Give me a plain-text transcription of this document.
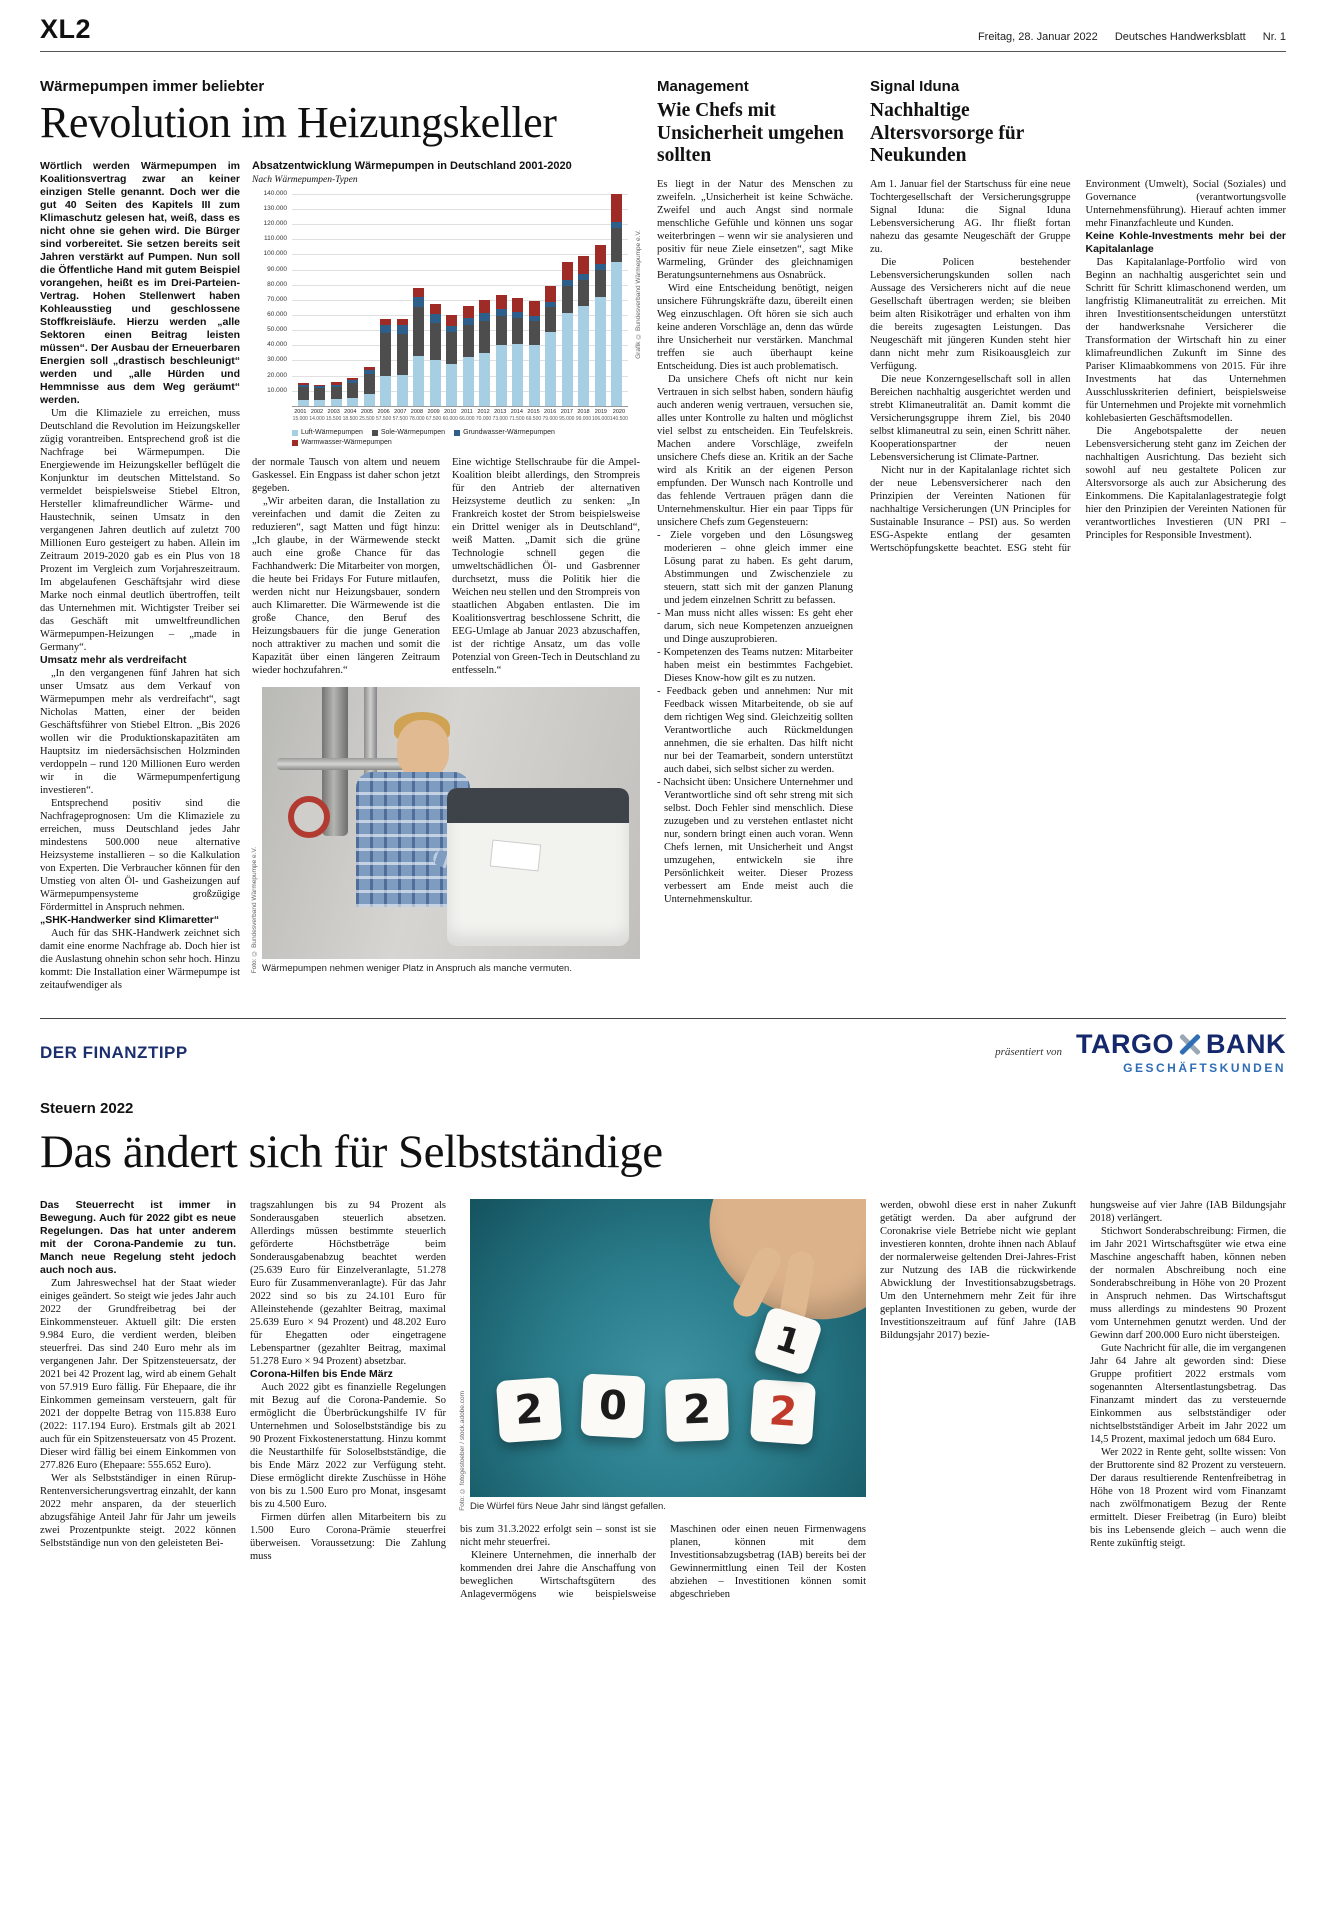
XL2	Freitag, 28. Januar 2022 Deutsches Handwerksblatt Nr. 1

Wärmepumpen immer beliebter

Revolution im Heizungskeller

Wörtlich werden Wärmepumpen im Koalitionsvertrag zwar an keiner einzigen Stelle genannt. Doch wer die gut 40 Seiten des Kapitels III zum Klimaschutz gelesen hat, weiß, dass es nicht ohne sie gehen wird. Die Bürger sind vorbereitet. Sie setzen bereits seit Jahren verstärkt auf Pumpen. Nun soll die Öffentliche Hand mit gutem Beispiel vorangehen, heißt es im Drei-Parteien-Vertrag. Hohen Stellenwert haben Kohleausstieg und geschlossene Stoffkreisläufe. Hierzu werden „alle Sektoren einen Beitrag leisten müssen“. Der Ausbau der Erneuerbaren Energien soll „drastisch beschleunigt“ werden und „alle Hürden und Hemmnisse aus dem Weg geräumt“ werden.

Um die Klimaziele zu erreichen, muss Deutschland die Revolution im Heizungskeller zügig vorantreiben. Entsprechend groß ist die Nachfrage bei Wärmepumpen. Die Energiewende im Heizungskeller beflügelt die Konjunktur im deutschen Mittelstand. So vermeldet beispielsweise Stiebel Eltron, Hersteller klimafreundlicher Wärme- und Haustechnik, seinen Umsatz in den vergangenen Jahren deutlich auf zuletzt 700 Millionen Euro gesteigert zu haben. Allein im Zeitraum 2019-2020 gab es ein Plus von 18 Prozent im Vergleich zum Vorjahreszeitraum. Im abgelaufenen Geschäftsjahr wird diese Marke noch einmal deutlich übertroffen, teilt das Unternehmen mit. Wichtigster Treiber sei das Geschäft mit umweltfreundlichen Wärmepumpen-Heizungen – „made in Germany“.

Umsatz mehr als verdreifacht

„In den vergangenen fünf Jahren hat sich unser Umsatz aus dem Verkauf von Wärmepumpen mehr als verdreifacht“, sagt Nicholas Matten, einer der beiden Geschäftsführer von Stiebel Eltron. „Bis 2026 wollen wir die Produktionskapazitäten am Hauptsitz im niedersächsischen Holzminden verdoppeln – rund 120 Millionen Euro werden wir in die Wärmepumpenfertigung investieren“.

Entsprechend positiv sind die Nachfrageprognosen: Um die Klimaziele zu erreichen, muss Deutschland jedes Jahr mindestens 500.000 neue alternative Heizsysteme installieren – so die Kalkulation von Experten. Die Verbraucher können für den Umstieg von alten Öl- und Gasheizungen auf Wärmepumpensysteme großzügige Fördermittel in Anspruch nehmen.

„SHK-Handwerker sind Klimaretter“

Auch für das SHK-Handwerk zeichnet sich damit eine enorme Nachfrage ab. Doch hier ist die Auslastung ohnehin schon sehr hoch. Hinzu kommt: Die Installation einer Wärmepumpe ist zeitaufwendiger als

Absatzentwicklung Wärmepumpen in Deutschland 2001-2020
Nach Wärmepumpen-Typen
10.000
20.000
30.000
40.000
50.000
60.000
70.000
80.000
90.000
100.000
110.000
120.000
130.000
140.000
2001
15.000
2002
14.000
2003
15.500
2004
18.500
2005
25.500
2006
57.500
2007
57.500
2008
78.000
2009
67.500
2010
60.000
2011
66.000
2012
70.000
2013
73.000
2014
71.500
2015
69.500
2016
79.000
2017
95.000
2018
99.000
2019
106.000
2020
140.500
Luft-Wärmepumpen	Sole-Wärmepumpen	Grundwasser-Wärmepumpen
Warmwasser-Wärmepumpen
Grafik © Bundesverband Wärmepumpe e.V.

der normale Tausch von altem und neuem Gaskessel. Ein Engpass ist daher schon jetzt gegeben.

„Wir arbeiten daran, die Installation zu vereinfachen und damit die Zeiten zu reduzieren“, sagt Matten und fügt hinzu: „Ich glaube, in der Wärmewende steckt auch eine große Chance für das Fachhandwerk: Die Mitarbeiter von morgen, die heute bei Fridays For Future mitlaufen, werden nicht nur Heizungsbauer, sondern auch Klimaretter. Die Wärmewende ist die große Chance, den Beruf des Heizungsbauers für die junge Generation noch attraktiver zu machen und somit die Kapazität über einen längeren Zeitraum wieder hochzufahren.“

Eine wichtige Stellschraube für die Ampel-Koalition bleibt allerdings, den Strompreis für den Antrieb der alternativen Heizsysteme deutlich zu senken: „In Frankreich kostet der Strom beispielsweise ein Drittel weniger als in Deutschland“, weiß Matten. „Damit sich die grüne Technologie schnell gegen die umweltschädlichen Öl- und Gasbrenner durchsetzt, muss die Politik hier die Weichen neu stellen und den Strompreis von staatlichen Abgaben entlasten. Die im Koalitionsvertrag beschlossene Schritt, die EEG-Umlage ab Januar 2023 abzuschaffen, ist der richtige Ansatz, um das volle Potenzial von Green-Tech in Deutschland zu entfesseln.“

Foto: © Bundesverband Wärmepumpe e.V. Wärmepumpen nehmen weniger Platz in Anspruch als manche vermuten.

Management

Wie Chefs mit Unsicherheit umgehen sollten

Es liegt in der Natur des Menschen zu zweifeln. „Unsicherheit ist keine Schwäche. Zweifel und auch Angst sind normale menschliche Gefühle und können uns sogar weiterbringen – wenn wir sie analysieren und positiv für neue Ziele einsetzen“, sagt Mike Warmeling, Gründer des gleichnamigen Beratungsunternehmens aus Osnabrück.

Wird eine Entscheidung benötigt, neigen unsichere Führungskräfte dazu, übereilt einen Weg einzuschlagen. Oft hören sie sich auch keine anderen Vorschläge an, denn das würde ihre Unsicherheit nur verstärken. Manchmal treffen sie auch überhaupt keine Entscheidung. Dies ist auch problematisch.

Da unsichere Chefs oft nicht nur kein Vertrauen in sich selbst haben, sondern häufig auch anderen wenig vertrauen, versuchen sie, alles unter Kontrolle zu halten und möglichst viel selbst zu entscheiden. Ein Teufelskreis. Machen andere Vorschläge, zweifeln unsichere Chefs diese an. Kritik an der Sache wird als Kritik an der eigenen Person empfunden. Der Wunsch nach Kontrolle und das fehlende Vertrauen prägen dann die Unternehmenskultur. Hier ein paar Tipps für unsichere Chefs zum Gegensteuern:

- Ziele vorgeben und den Lösungsweg moderieren – ohne gleich immer eine Lösung parat zu haben. Es geht darum, Abstimmungen und Zwischenziele zu steuern, statt sich mit der ganzen Planung und jedem einzelnen Schritt zu befassen.

- Man muss nicht alles wissen: Es geht eher darum, sich neue Kompetenzen anzueignen und Dinge auszuprobieren.

- Kompetenzen des Teams nutzen: Mitarbeiter haben meist ein bestimmtes Fachgebiet. Dieses Know-how gilt es zu nutzen.

- Feedback geben und annehmen: Nur mit Feedback wissen Mitarbeitende, ob sie auf dem richtigen Weg sind. Gleichzeitig sollten Verantwortliche auch Rückmeldungen annehmen, die sie erhalten. Das hilft nicht nur bei der Teamarbeit, sondern unterstützt auch dabei, sich selbst sicher zu werden.

- Nachsicht üben: Unsichere Unternehmer und Verantwortliche sind oft sehr streng mit sich selbst. Doch Fehler sind menschlich. Diese zuzugeben und zu verstehen entlastet nicht nur, sondern bringt einen auch voran. Wenn Chefs lernen, mit Unsicherheit und Angst umzugehen, entwickeln sie ihre Persönlichkeit weiter. Dieser Prozess verbessert am Ende meist auch die Unternehmenskultur.

Signal Iduna

Nachhaltige Altersvorsorge für Neukunden

Am 1. Januar fiel der Startschuss für eine neue Tochtergesellschaft der Versicherungsgruppe Signal Iduna: die Signal Iduna Lebensversicherung AG. Ihr fließt fortan nahezu das gesamte Neugeschäft der Gruppe zu.

Die Policen bestehender Lebensversicherungskunden sollen nach Aussage des Versicherers nicht auf die neue Gesellschaft übertragen werden; sie bleiben beim alten Risikoträger und erhalten von ihm die bereits zugesagten Leistungen. Das Neugeschäft mit jüngeren Kunden steht hier dann nicht mehr zum Risikoausgleich zur Verfügung.

Die neue Konzerngesellschaft soll in allen Bereichen nachhaltig ausgerichtet werden und strebt Klimaneutralität an. Damit kommt die Versicherungsgruppe ihrem Ziel, bis 2040 selbst klimaneutral zu sein, einen Schritt näher. Kooperationspartner der neuen Lebensversicherung ist Climate-Partner.

Nicht nur in der Kapitalanlage richtet sich der neue Lebensversicherer nach den Prinzipien der Vereinten Nationen für nachhaltige Versicherungen (UN Principles for Sustainable Insurance – PSI) aus. So werden ESG-Aspekte entlang der gesamten Wertschöpfungskette beachtet. ESG steht für Environment (Umwelt), Social (Soziales) und Governance (verantwortungsvolle Unternehmensführung). Hierauf achten immer mehr Finanzfachleute und Kunden.

Keine Kohle-Investments mehr bei der Kapitalanlage

Das Kapitalanlage-Portfolio wird von Beginn an nachhaltig ausgerichtet sein und Schritt für Schritt klimaschonend werden, um langfristig Klimaneutralität zu erreichen. Mit ihren Investitionsentscheidungen unterstützt der handwerksnahe Versicherer die Transformation der Wirtschaft hin zu einer klimafreundlichen Zukunft im Sinne des Pariser Klimaabkommens von 2015. Für ihre Investments hat das Unternehmen Ausschlusskriterien definiert, beispielsweise für Unternehmen und Projekte mit vornehmlich kohlebasierten Geschäftsmodellen.

Die Angebotspalette der neuen Lebensversicherung steht ganz im Zeichen der nachhaltigen Ausrichtung. Das bezieht sich sowohl auf neu gestaltete Policen zur Altersvorsorge als auch zur Absicherung des Einkommens. Die Kapitalanlagestrategie folgt hier den Prinzipien der Vereinten Nationen für verantwortliches Investieren (UN PRI – Principles for Responsible Investment).

DER FINANZTIPP	präsentiert von TARGO BANK
GESCHÄFTSKUNDEN

Steuern 2022

Das ändert sich für Selbstständige

Das Steuerrecht ist immer in Bewegung. Auch für 2022 gibt es neue Regelungen. Das hat unter anderem mit der Corona-Pandemie zu tun. Manch neue Regelung steht jedoch auch noch aus.

Zum Jahreswechsel hat der Staat wieder einiges geändert. So steigt wie jedes Jahr auch 2022 der Grundfreibetrag bei der Einkommensteuer. Aktuell gilt: Die ersten 9.984 Euro, die verdient werden, bleiben steuerfrei. Das sind 240 Euro mehr als im vergangenen Jahr. Der Spitzensteuersatz, der 2021 bei 42 Prozent lag, wird ab einem Gehalt von 57.919 Euro fällig. Für Ehepaare, die ihr Einkommen gemeinsam versteuern, galt für 2021 der doppelte Betrag von 115.838 Euro (2022: 117.194 Euro). Erstmals gilt ab 2021 auch für ein Spitzensteuersatz von 45 Prozent. Dieser wird fällig bei einem Einkommen von 277.826 Euro (Ehepaare: 555.652 Euro).

Wer als Selbstständiger in einen Rürup-Rentenversicherungsvertrag einzahlt, der kann 2022 mehr ansparen, da der steuerlich abzugsfähige Anteil Jahr für Jahr um jeweils zwei Prozentpunkte steigt. 2022 können Selbstständige nun von den geleisteten Bei-

tragszahlungen bis zu 94 Prozent als Sonderausgaben steuerlich absetzen. Allerdings müssen bestimmte steuerlich geförderte Höchstbeträge beim Sonderausgabenabzug beachtet werden (25.639 Euro für Einzelveranlagte, 51.278 Euro für Zusammenveranlagte). Für das Jahr 2022 sind so bis zu 24.101 Euro für Alleinstehende (gezahlter Beitrag, maximal 25.639 Euro × 94 Prozent) und 48.202 Euro für Ehegatten oder eingetragene Lebenspartner (gezahlter Beitrag, maximal 51.278 Euro × 94 Prozent) absetzbar.

Corona-Hilfen bis Ende März

Auch 2022 gibt es finanzielle Regelungen mit Bezug auf die Corona-Pandemie. So ermöglicht die Überbrückungshilfe IV für Unternehmen und Soloselbstständige bis zu 90 Prozent Fixkostenerstattung. Hinzu kommt die Neustarthilfe für Soloselbstständige, die bis Ende März 2022 zur Verfügung steht. Diese ermöglicht direkte Zuschüsse in Höhe von bis zu 1.500 Euro pro Monat, insgesamt bis zu 4.500 Euro.

Firmen dürfen allen Mitarbeitern bis zu 1.500 Euro Corona-Prämie steuerfrei überweisen. Voraussetzung: Die Zahlung muss

Foto: © fotogestoeber / stock.adobe.com	2	0	2	2
1

Die Würfel fürs Neue Jahr sind längst gefallen.

bis zum 31.3.2022 erfolgt sein – sonst ist sie nicht mehr steuerfrei.

Kleinere Unternehmen, die innerhalb der kommenden drei Jahre die Anschaffung von beweglichen Wirtschaftsgütern des Anlagevermögens wie beispielsweise Maschinen oder einen neuen Firmenwagens planen, können mit dem Investitionsabzugsbetrag (IAB) bereits bei der Gewinnermittlung einen Teil der Kosten abziehen – Investitionen können somit abgeschrieben

werden, obwohl diese erst in naher Zukunft getätigt werden. Da aber aufgrund der Coronakrise viele Betriebe nicht wie geplant investieren konnten, drohte ihnen nach Ablauf der normalerweise geltenden Drei-Jahres-Frist zur Nutzung des IAB die rückwirkende Abwicklung der Investitionsabzugsbetrags. Um den Unternehmern mehr Zeit für ihre geplanten Investitionen zu geben, wurde der Investitionszeitraum auf fünf Jahre (IAB Bildungsjahr 2017) bezie-

hungsweise auf vier Jahre (IAB Bildungsjahr 2018) verlängert.

Stichwort Sonderabschreibung: Firmen, die im Jahr 2021 Wirtschaftsgüter wie etwa eine Maschine angeschafft haben, können neben der normalen Abschreibung noch eine Sonderabschreibung in Höhe von 20 Prozent in Anspruch nehmen. Das Wirtschaftsgut muss allerdings zu mindestens 90 Prozent vom Unternehmen genutzt werden. Und der Gewinn darf 200.000 Euro nicht übersteigen.

Gute Nachricht für alle, die im vergangenen Jahr 64 Jahre alt geworden sind: Diese Gruppe profitiert 2022 erstmals vom sogenannten Altersentlastungsbetrag. Das Finanzamt mindert das zu versteuernde Einkommen aus selbstständiger oder nichtselbstständiger Arbeit im Jahr 2022 um 14,5 Prozent, maximal jedoch um 684 Euro.

Wer 2022 in Rente geht, sollte wissen: Von der Bruttorente sind 82 Prozent zu versteuern. Der daraus resultierende Rentenfreibetrag in Höhe von 18 Prozent wird vom Finanzamt nach zwölfmonatigem Bezug der Rente ermittelt. Dieser Freibetrag (in Euro) bleibt bis ins Lebensende gleich – auch wenn die Rente zukünftig steigt.
